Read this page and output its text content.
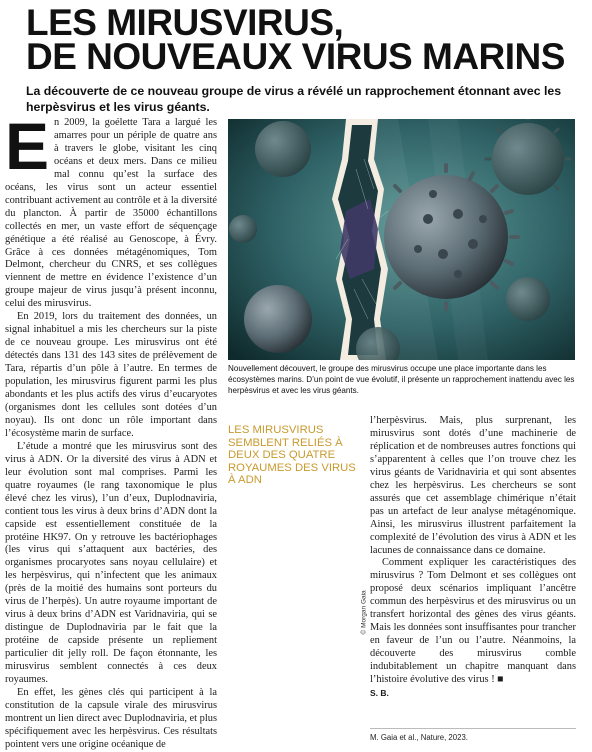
LES MIRUSVIRUS,
DE NOUVEAUX VIRUS MARINS

La découverte de ce nouveau groupe de virus a révélé un rapprochement étonnant avec les herpèsvirus et les virus géants.

E n 2009, la goélette Tara a largué les amarres pour un périple de quatre ans à travers le globe, visitant les cinq océans et deux mers. Dans ce milieu mal connu qu’est la surface des océans, les virus sont un acteur essentiel contribuant activement au contrôle et à la diversité du plancton. À partir de 35000 échantillons collectés en mer, un vaste effort de séquençage génétique a été réalisé au Genoscope, à Évry. Grâce à ces données métagénomiques, Tom Delmont, chercheur du CNRS, et ses collègues viennent de mettre en évidence l’existence d’un groupe majeur de virus jusqu’à présent inconnu, celui des mirusvirus.

En 2019, lors du traitement des données, un signal inhabituel a mis les chercheurs sur la piste de ce nouveau groupe. Les mirusvirus ont été détectés dans 131 des 143 sites de prélèvement de Tara, répartis d’un pôle à l’autre. En termes de population, les mirusvirus figurent parmi les plus abondants et les plus actifs des virus d’eucaryotes (organismes dont les cellules sont dotées d’un noyau). Ils ont donc un rôle important dans l’écosystème marin de surface.

L’étude a montré que les mirusvirus sont des virus à ADN. Or la diversité des virus à ADN et leur évolution sont mal comprises. Parmi les quatre royaumes (le rang taxonomique le plus élevé chez les virus), l’un d’eux, Duplodnaviria, contient tous les virus à deux brins d’ADN dont la capside est essentiellement constituée de la protéine HK97. On y retrouve les bactériophages (les virus qui s’attaquent aux bactéries, des organismes procaryotes sans noyau cellulaire) et les herpèsvirus, qui n’infectent que les animaux (près de la moitié des humains sont porteurs du virus de l’herpès). Un autre royaume important de virus à deux brins d’ADN est Varidnaviria, qui se distingue de Duplodnaviria par le fait que la protéine de capside présente un repliement particulier dit jelly roll. De façon étonnante, les mirusvirus semblent connectés à ces deux royaumes.

En effet, les gènes clés qui participent à la constitution de la capsule virale des mirusvirus montrent un lien direct avec Duplodnaviria, et plus spécifiquement avec les herpèsvirus. Ces résultats pointent vers une origine océanique de

Nouvellement découvert, le groupe des mirusvirus occupe une place importante dans les écosystèmes marins. D’un point de vue évolutif, il présente un rapprochement inattendu avec les herpèsvirus et avec les virus géants.

LES MIRUSVIRUS SEMBLENT RELIÉS À DEUX DES QUATRE ROYAUMES DES VIRUS À ADN

© Morgan Gaia

l’herpèsvirus. Mais, plus surprenant, les mirusvirus sont dotés d’une machinerie de réplication et de nombreuses autres fonctions qui s’apparentent à celles que l’on trouve chez les virus géants de Varidnaviria et qui sont absentes chez les herpèsvirus. Les chercheurs se sont assurés que cet assemblage chimérique n’était pas un artefact de leur analyse métagénomique. Ainsi, les mirusvirus illustrent parfaitement la complexité de l’évolution des virus à ADN et les lacunes de connaissance dans ce domaine.

Comment expliquer les caractéristiques des mirusvirus ? Tom Delmont et ses collègues ont proposé deux scénarios impliquant l’ancêtre commun des herpèsvirus et des mirusvirus ou un transfert horizontal des gènes des virus géants. Mais les données sont insuffisantes pour trancher en faveur de l’un ou l’autre. Néanmoins, la découverte des mirusvirus comble indubitablement un chapitre manquant dans l’histoire évolutive des virus ! ■

S. B.

M. Gaia et al., Nature, 2023.
